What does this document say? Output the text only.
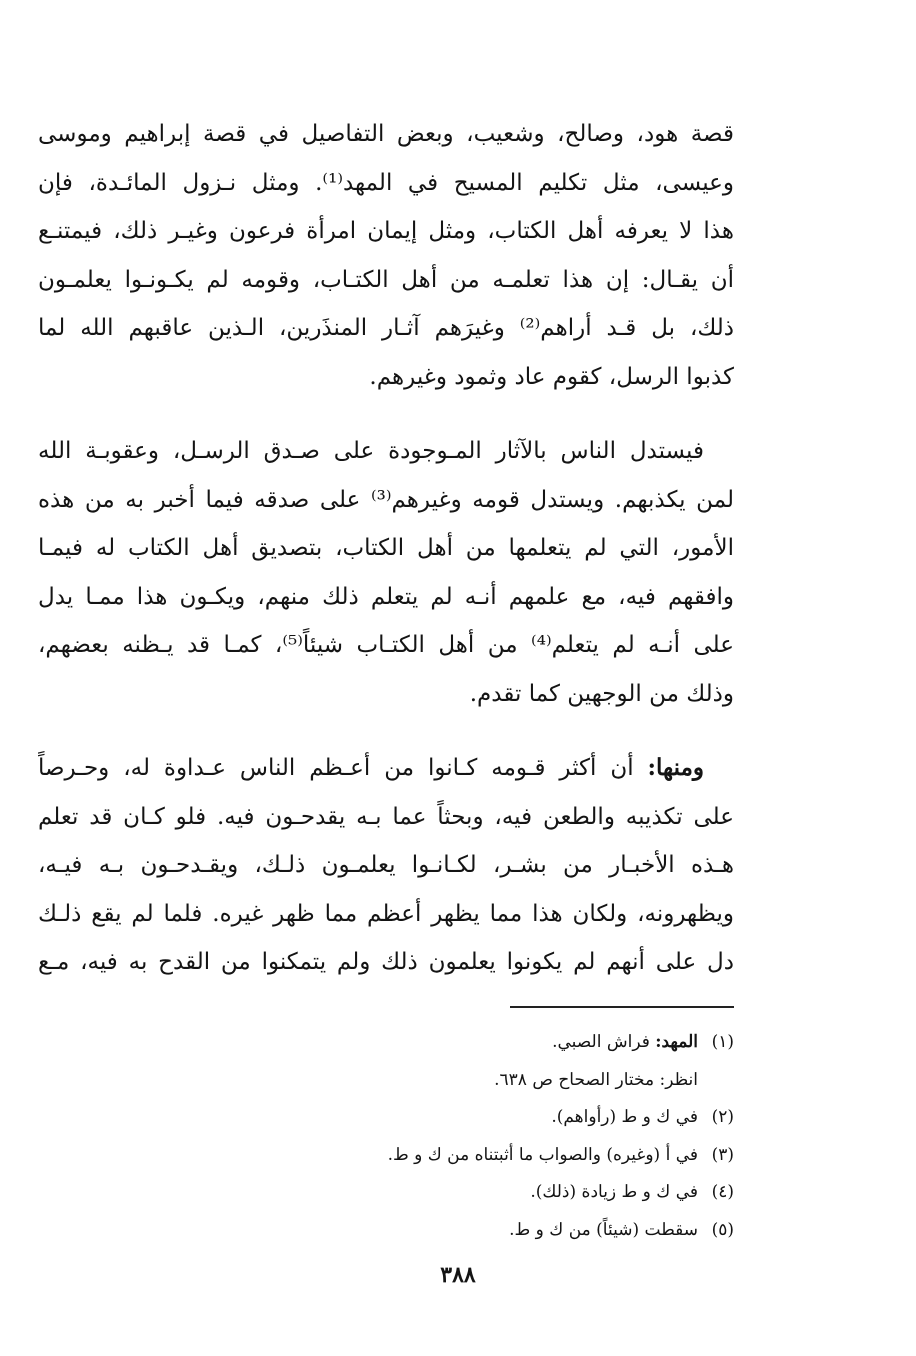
قصة هود، وصالح، وشعيب، وبعض التفاصيل في قصة إبراهيم وموسى
وعيسى، مثل تكليم المسيح في المهد⁽¹⁾. ومثل نـزول المائـدة، فإن
هذا لا يعرفه أهل الكتاب، ومثل إيمان امرأة فرعون وغيـر ذلك، فيمتنـع
أن يقـال: إن هذا تعلمـه من أهل الكتـاب، وقومه لم يكـونـوا يعلمـون
ذلك، بل قـد أراهم⁽²⁾ وغيرَهم آثـار المنذَرين، الـذين عاقبهم الله لما
كذبوا الرسل، كقوم عاد وثمود وغيرهم.
فيستدل الناس بالآثار المـوجودة على صـدق الرسـل، وعقوبـة الله
لمن يكذبهم. ويستدل قومه وغيرهم⁽³⁾ على صدقه فيما أخبر به من هذه
الأمور، التي لم يتعلمها من أهل الكتاب، بتصديق أهل الكتاب له فيمـا
وافقهم فيه، مع علمهم أنـه لم يتعلم ذلك منهم، ويكـون هذا ممـا يدل
على أنـه لم يتعلم⁽⁴⁾ من أهل الكتـاب شيئاً⁽⁵⁾، كمـا قد يـظنه بعضهم،
وذلك من الوجهين كما تقدم.
ومنها: أن أكثر قـومه كـانوا من أعـظم الناس عـداوة له، وحـرصاً
على تكذيبه والطعن فيه، وبحثاً عما بـه يقدحـون فيه. فلو كـان قد تعلم
هـذه الأخبـار من بشـر، لكـانـوا يعلمـون ذلـك، ويقـدحـون بـه فيـه،
ويظهرونه، ولكان هذا مما يظهر أعظم مما ظهر غيره. فلما لم يقع ذلـك
دل على أنهم لم يكونوا يعلمون ذلك ولم يتمكنوا من القدح به فيه، مـع
(١)المهد: فراش الصبي.
انظر: مختار الصحاح ص ٦٣٨.
(٢)في ك و ط (رأواهم).
(٣)في أ (وغيره) والصواب ما أثبتناه من ك و ط.
(٤)في ك و ط زيادة (ذلك).
(٥)سقطت (شيئاً) من ك و ط.
٣٨٨
